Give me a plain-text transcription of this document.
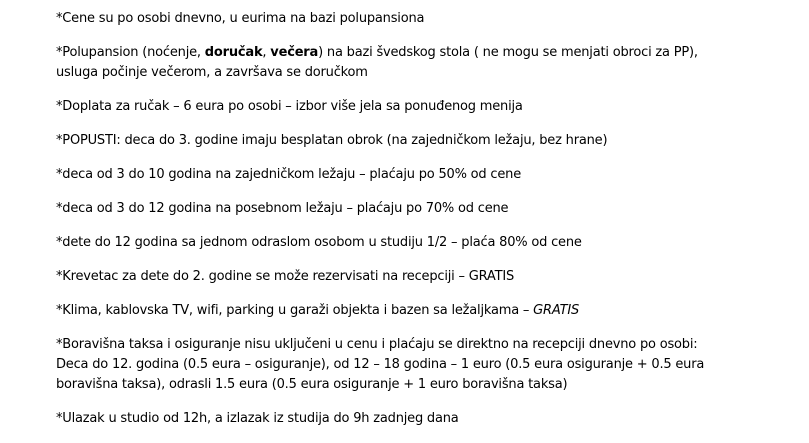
*Cene su po osobi dnevno, u eurima na bazi polupansiona

*Polupansion (noćenje, doručak, večera) na bazi švedskog stola ( ne mogu se menjati obroci za PP),
usluga počinje večerom, a završava se doručkom

*Doplata za ručak – 6 eura po osobi – izbor više jela sa ponuđenog menija

*POPUSTI: deca do 3. godine imaju besplatan obrok (na zajedničkom ležaju, bez hrane)

*deca od 3 do 10 godina na zajedničkom ležaju – plaćaju po 50% od cene

*deca od 3 do 12 godina na posebnom ležaju – plaćaju po 70% od cene

*dete do 12 godina sa jednom odraslom osobom u studiju 1/2 – plaća 80% od cene

*Krevetac za dete do 2. godine se može rezervisati na recepciji – GRATIS

*Klima, kablovska TV, wifi, parking u garaži objekta i bazen sa ležaljkama – GRATIS

*Boravišna taksa i osiguranje nisu uključeni u cenu i plaćaju se direktno na recepciji dnevno po osobi:
Deca do 12. godina (0.5 eura – osiguranje), od 12 – 18 godina – 1 euro (0.5 eura osiguranje + 0.5 eura
boravišna taksa), odrasli 1.5 eura (0.5 eura osiguranje + 1 euro boravišna taksa)

*Ulazak u studio od 12h, a izlazak iz studija do 9h zadnjeg dana
